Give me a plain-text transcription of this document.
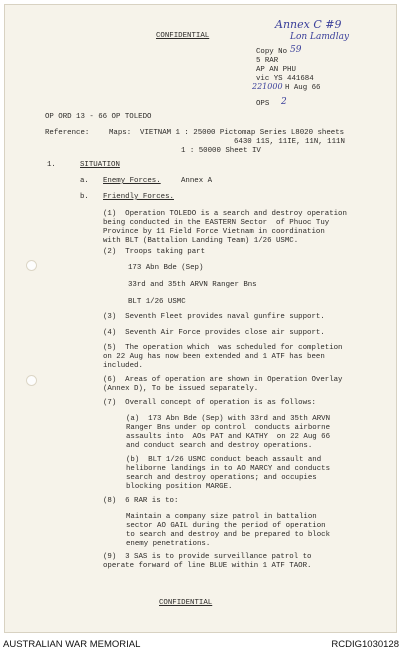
CONFIDENTIAL
Annex C #9
Lon Lamdlay
Copy No 59
5 RAR
AP AN PHU
vic YS 441684
221000 H Aug 66
OPS 2
OP ORD 13 - 66 OP TOLEDO
Reference:	Maps:  VIETNAM 1 : 25000 Pictomap Series L8020 sheets
6430 11S, 11IE, 11N, 111N
1 : 50000 Sheet IV
1.	SITUATION
a. Enemy Forces.	Annex A
b. Friendly Forces.
(1)  Operation TOLEDO is a search and destroy operation
being conducted in the EASTERN Sector  of Phuoc Tuy
Province by 11 Field Force Vietnam in coordination
with BLT (Battalion Landing Team) 1/26 USMC.
(2)  Troops taking part
173 Abn Bde (Sep)
33rd and 35th ARVN Ranger Bns
BLT 1/26 USMC
(3)  Seventh Fleet provides naval gunfire support.
(4)  Seventh Air Force provides close air support.
(5)  The operation which  was scheduled for completion
on 22 Aug has now been extended and 1 ATF has been
included.
(6)  Areas of operation are shown in Operation Overlay
(Annex D), To be issued separately.
(7)  Overall concept of operation is as follows:
(a)  173 Abn Bde (Sep) with 33rd and 35th ARVN
Ranger Bns under op control  conducts airborne
assaults into  AOs PAT and KATHY  on 22 Aug 66
and conduct search and destroy operations.
(b)  BLT 1/26 USMC conduct beach assault and
heliborne landings in to AO MARCY and conducts
search and destroy operations; and occupies
blocking position MARGE.
(8)  6 RAR is to:
Maintain a company size patrol in battalion
sector AO GAIL during the period of operation
to search and destroy and be prepared to block
enemy penetrations.
(9)  3 SAS is to provide surveillance patrol to
operate forward of line BLUE within 1 ATF TAOR.
CONFIDENTIAL
AUSTRALIAN WAR MEMORIAL	RCDIG1030128
